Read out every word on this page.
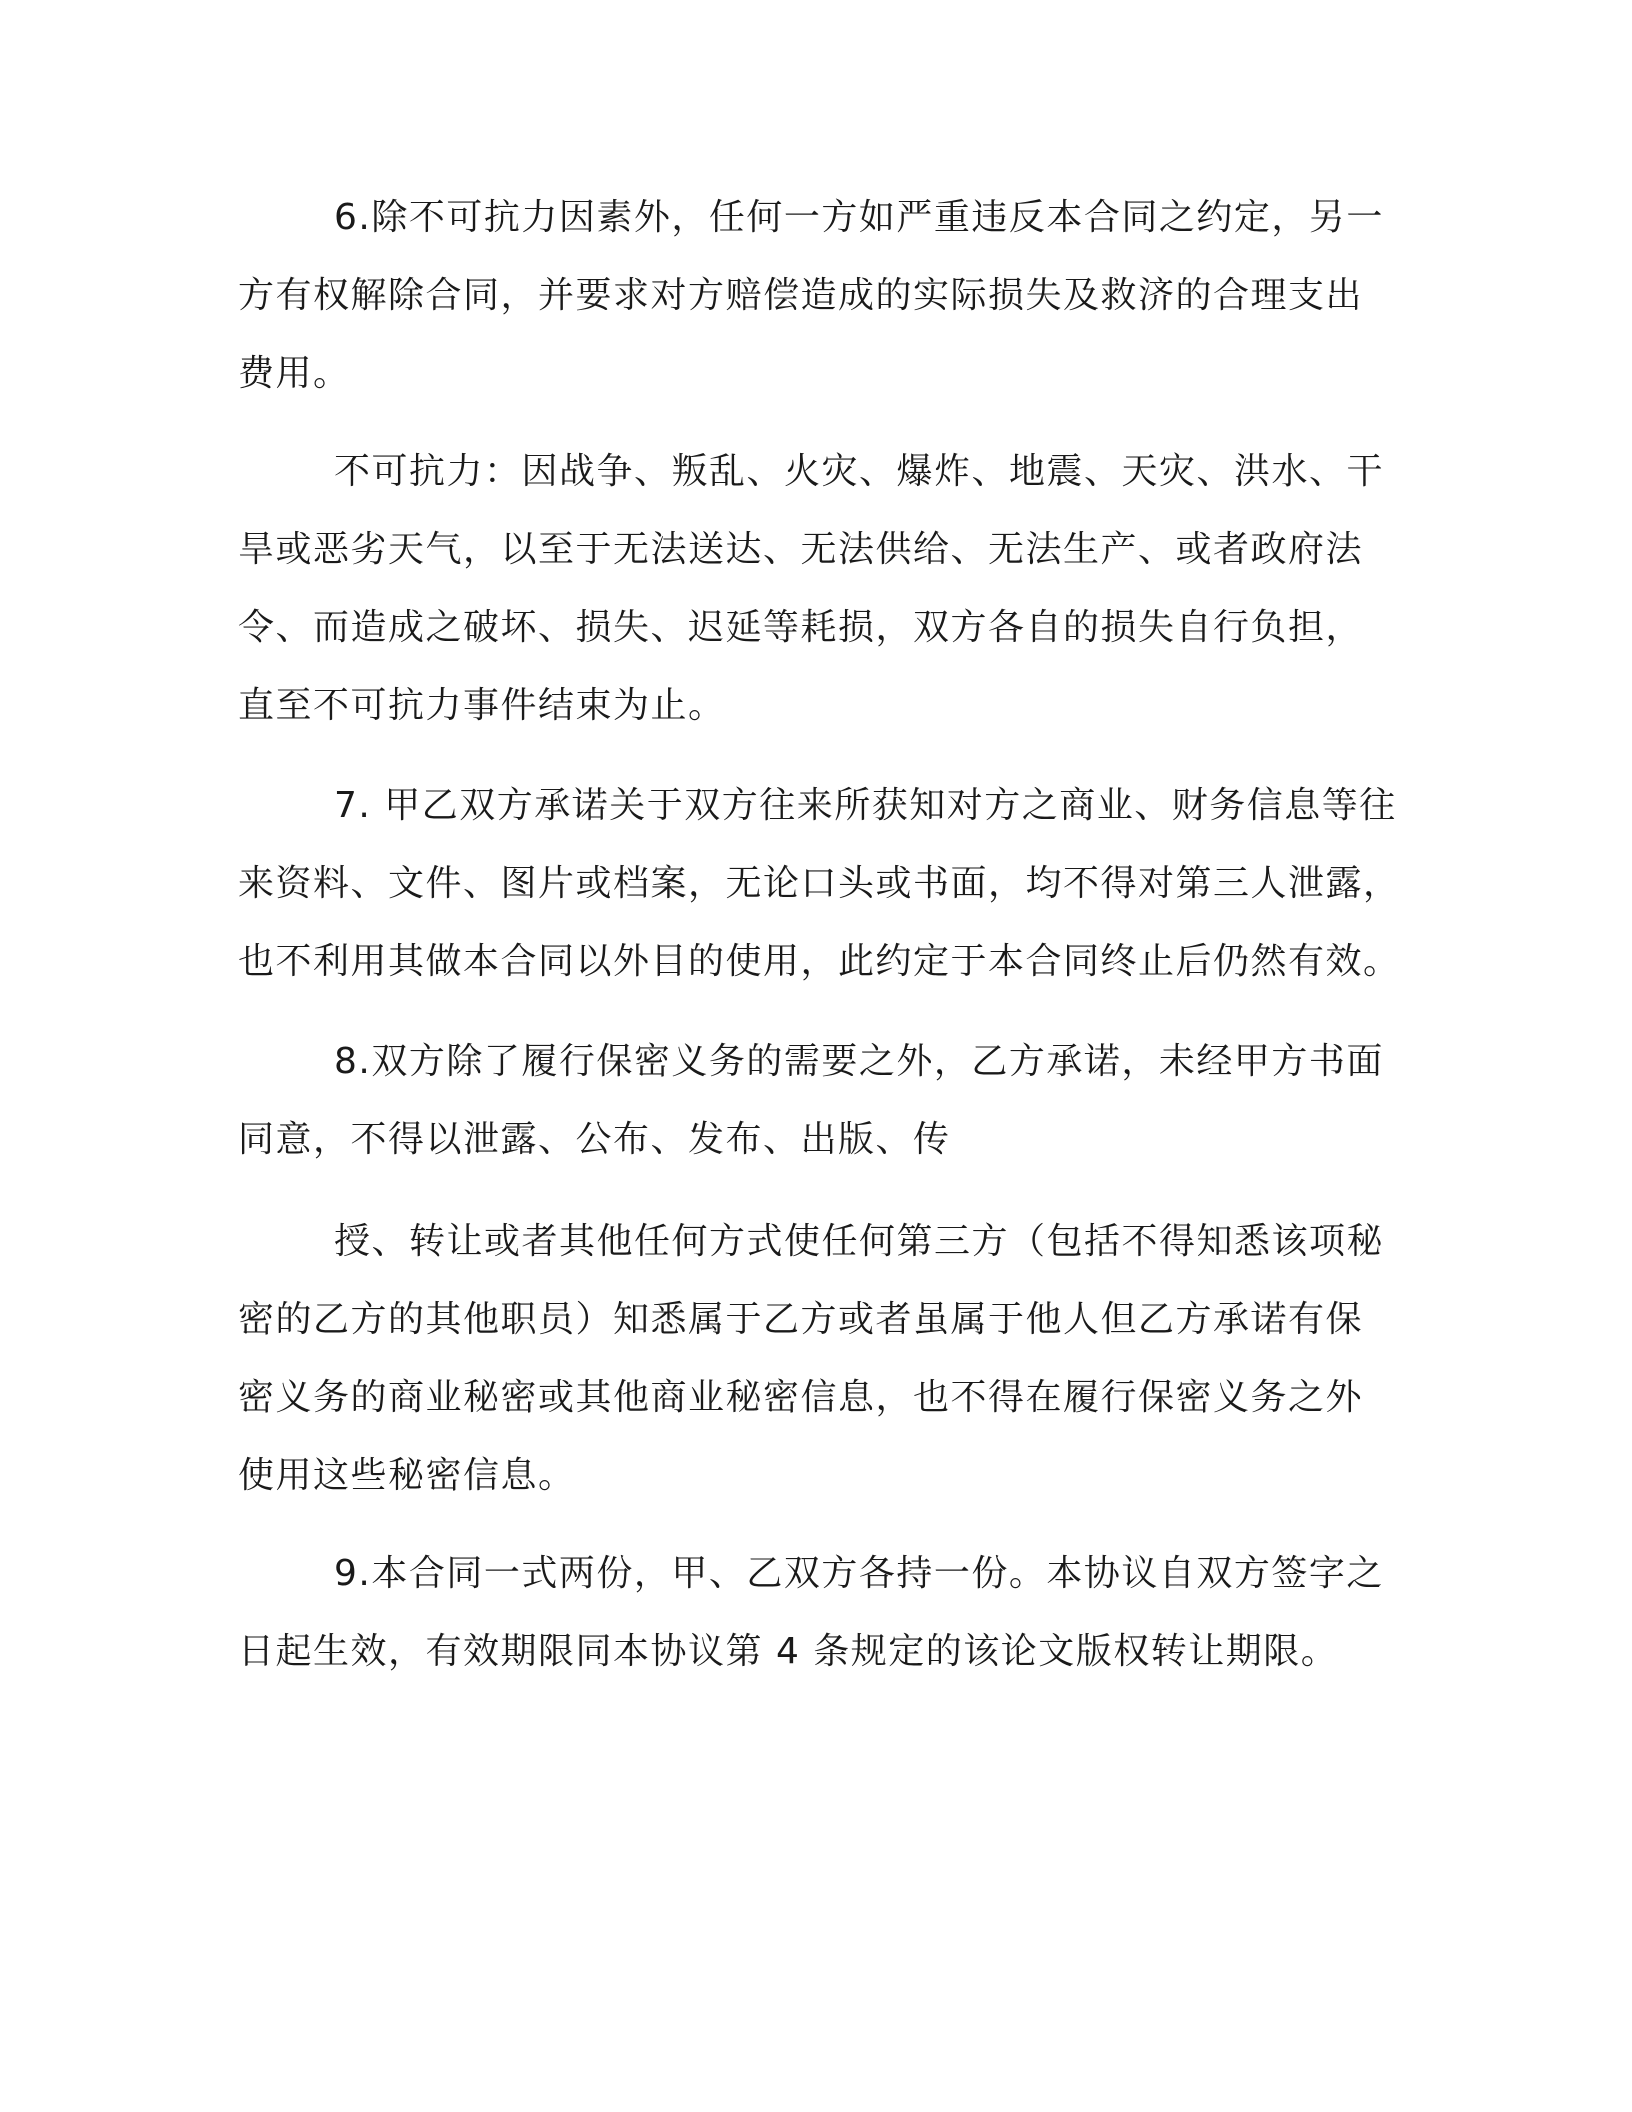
6.除不可抗力因素外，任何一方如严重违反本合同之约定，另一
方有权解除合同，并要求对方赔偿造成的实际损失及救济的合理支出
费用。
不可抗力：因战争、叛乱、火灾、爆炸、地震、天灾、洪水、干
旱或恶劣天气，以至于无法送达、无法供给、无法生产、或者政府法
令、而造成之破坏、损失、迟延等耗损，双方各自的损失自行负担，
直至不可抗力事件结束为止。
7. 甲乙双方承诺关于双方往来所获知对方之商业、财务信息等往
来资料、文件、图片或档案，无论口头或书面，均不得对第三人泄露，
也不利用其做本合同以外目的使用，此约定于本合同终止后仍然有效。
8.双方除了履行保密义务的需要之外，乙方承诺，未经甲方书面
同意，不得以泄露、公布、发布、出版、传
授、转让或者其他任何方式使任何第三方（包括不得知悉该项秘
密的乙方的其他职员）知悉属于乙方或者虽属于他人但乙方承诺有保
密义务的商业秘密或其他商业秘密信息，也不得在履行保密义务之外
使用这些秘密信息。
9.本合同一式两份，甲、乙双方各持一份。本协议自双方签字之
日起生效，有效期限同本协议第 4 条规定的该论文版权转让期限。
